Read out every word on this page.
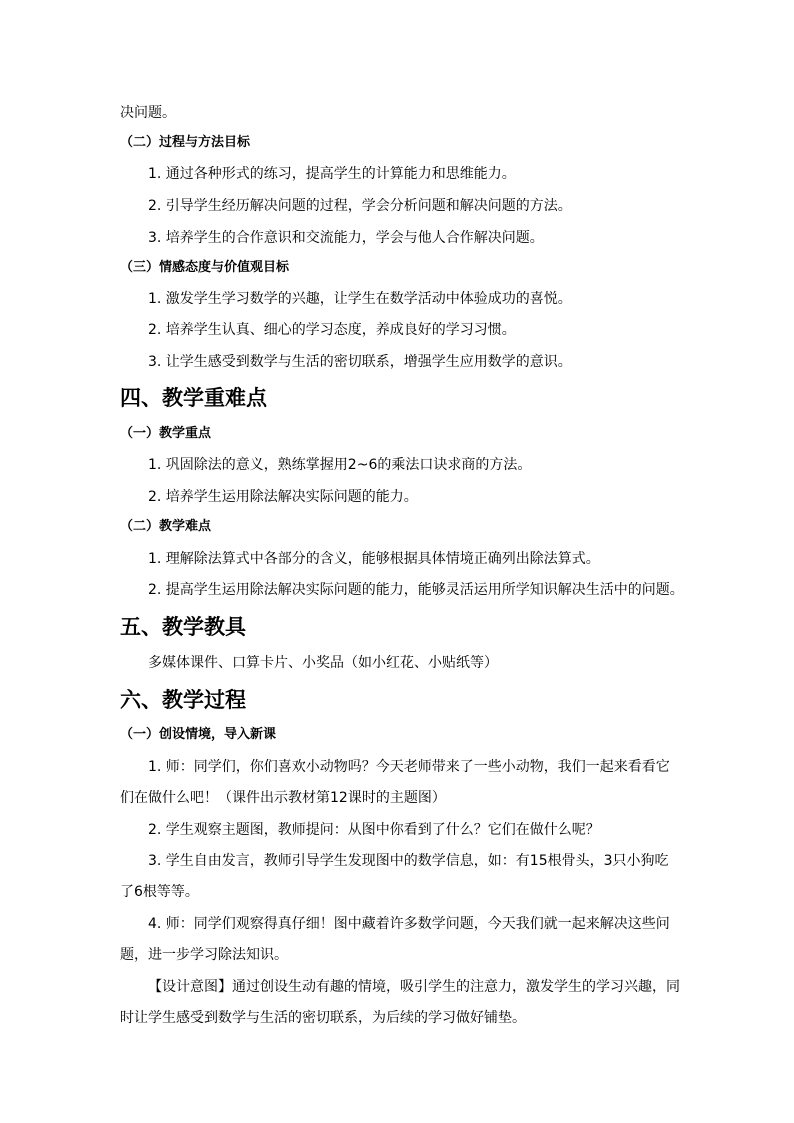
决问题。
（二）过程与方法目标
1. 通过各种形式的练习，提高学生的计算能力和思维能力。
2. 引导学生经历解决问题的过程，学会分析问题和解决问题的方法。
3. 培养学生的合作意识和交流能力，学会与他人合作解决问题。
（三）情感态度与价值观目标
1. 激发学生学习数学的兴趣，让学生在数学活动中体验成功的喜悦。
2. 培养学生认真、细心的学习态度，养成良好的学习习惯。
3. 让学生感受到数学与生活的密切联系，增强学生应用数学的意识。
四、教学重难点
（一）教学重点
1. 巩固除法的意义，熟练掌握用2~6的乘法口诀求商的方法。
2. 培养学生运用除法解决实际问题的能力。
（二）教学难点
1. 理解除法算式中各部分的含义，能够根据具体情境正确列出除法算式。
2. 提高学生运用除法解决实际问题的能力，能够灵活运用所学知识解决生活中的问题。
五、教学教具
多媒体课件、口算卡片、小奖品（如小红花、小贴纸等）
六、教学过程
（一）创设情境，导入新课
1. 师：同学们，你们喜欢小动物吗？今天老师带来了一些小动物，我们一起来看看它
们在做什么吧！（课件出示教材第12课时的主题图）
2. 学生观察主题图，教师提问：从图中你看到了什么？它们在做什么呢？
3. 学生自由发言，教师引导学生发现图中的数学信息，如：有15根骨头，3只小狗吃
了6根等等。
4. 师：同学们观察得真仔细！图中藏着许多数学问题，今天我们就一起来解决这些问
题，进一步学习除法知识。
【设计意图】通过创设生动有趣的情境，吸引学生的注意力，激发学生的学习兴趣，同
时让学生感受到数学与生活的密切联系，为后续的学习做好铺垫。
